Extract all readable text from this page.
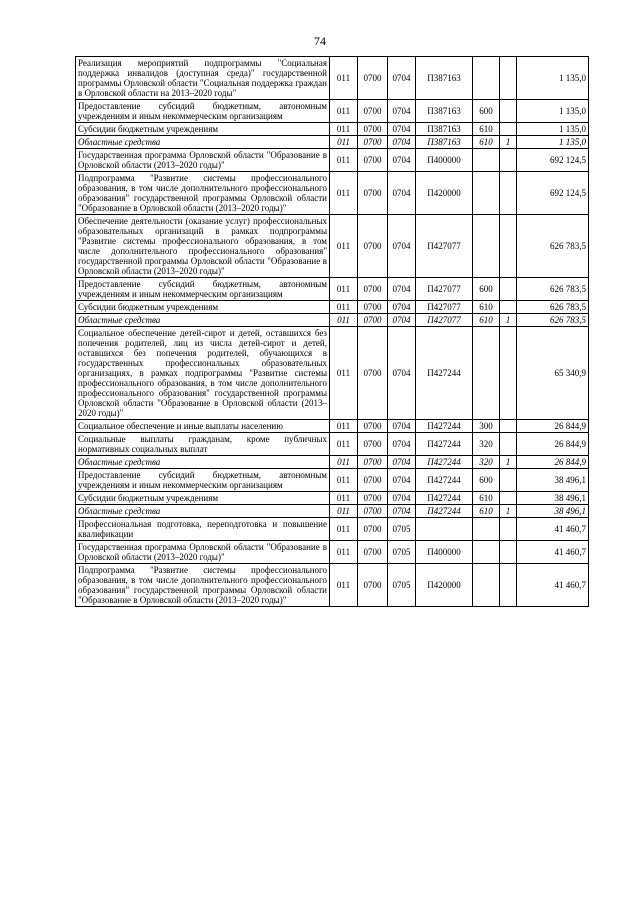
74
Реализация мероприятий подпрограммы "Социальная поддержка инвалидов (доступная среда)" государственной программы Орловской области "Социальная поддержка граждан в Орловской области на 2013–2020 годы"	011	0700	0704	П387163			1 135,0
Предоставление субсидий бюджетным, автономным учреждениям и иным некоммерческим организациям	011	0700	0704	П387163	600		1 135,0
Субсидии бюджетным учреждениям	011	0700	0704	П387163	610		1 135,0
Областные средства	011	0700	0704	П387163	610	1	1 135,0
Государственная программа Орловской области "Образование в Орловской области (2013–2020 годы)"	011	0700	0704	П400000			692 124,5
Подпрограмма "Развитие системы профессионального образования, в том числе дополнительного профессионального образования" государственной программы Орловской области "Образование в Орловской области (2013–2020 годы)"	011	0700	0704	П420000			692 124,5
Обеспечение деятельности (оказание услуг) профессиональных образовательных организаций в рамках подпрограммы "Развитие системы профессионального образования, в том числе дополнительного профессионального образования" государственной программы Орловской области "Образование в Орловской области (2013–2020 годы)"	011	0700	0704	П427077			626 783,5
Предоставление субсидий бюджетным, автономным учреждениям и иным некоммерческим организациям	011	0700	0704	П427077	600		626 783,5
Субсидии бюджетным учреждениям	011	0700	0704	П427077	610		626 783,5
Областные средства	011	0700	0704	П427077	610	1	626 783,5
Социальное обеспечение детей-сирот и детей, оставшихся без попечения родителей, лиц из числа детей-сирот и детей, оставшихся без попечения родителей, обучающихся в государственных профессиональных образовательных организациях, в рамках подпрограммы "Развитие системы профессионального образования, в том числе дополнительного профессионального образования" государственной программы Орловской области "Образование в Орловской области (2013–2020 годы)"	011	0700	0704	П427244			65 340,9
Социальное обеспечение и иные выплаты населению	011	0700	0704	П427244	300		26 844,9
Социальные выплаты гражданам, кроме публичных нормативных социальных выплат	011	0700	0704	П427244	320		26 844,9
Областные средства	011	0700	0704	П427244	320	1	26 844,9
Предоставление субсидий бюджетным, автономным учреждениям и иным некоммерческим организациям	011	0700	0704	П427244	600		38 496,1
Субсидии бюджетным учреждениям	011	0700	0704	П427244	610		38 496,1
Областные средства	011	0700	0704	П427244	610	1	38 496,1
Профессиональная подготовка, переподготовка и повышение квалификации	011	0700	0705				41 460,7
Государственная программа Орловской области "Образование в Орловской области (2013–2020 годы)"	011	0700	0705	П400000			41 460,7
Подпрограмма "Развитие системы профессионального образования, в том числе дополнительного профессионального образования" государственной программы Орловской области "Образование в Орловской области (2013–2020 годы)"	011	0700	0705	П420000			41 460,7
